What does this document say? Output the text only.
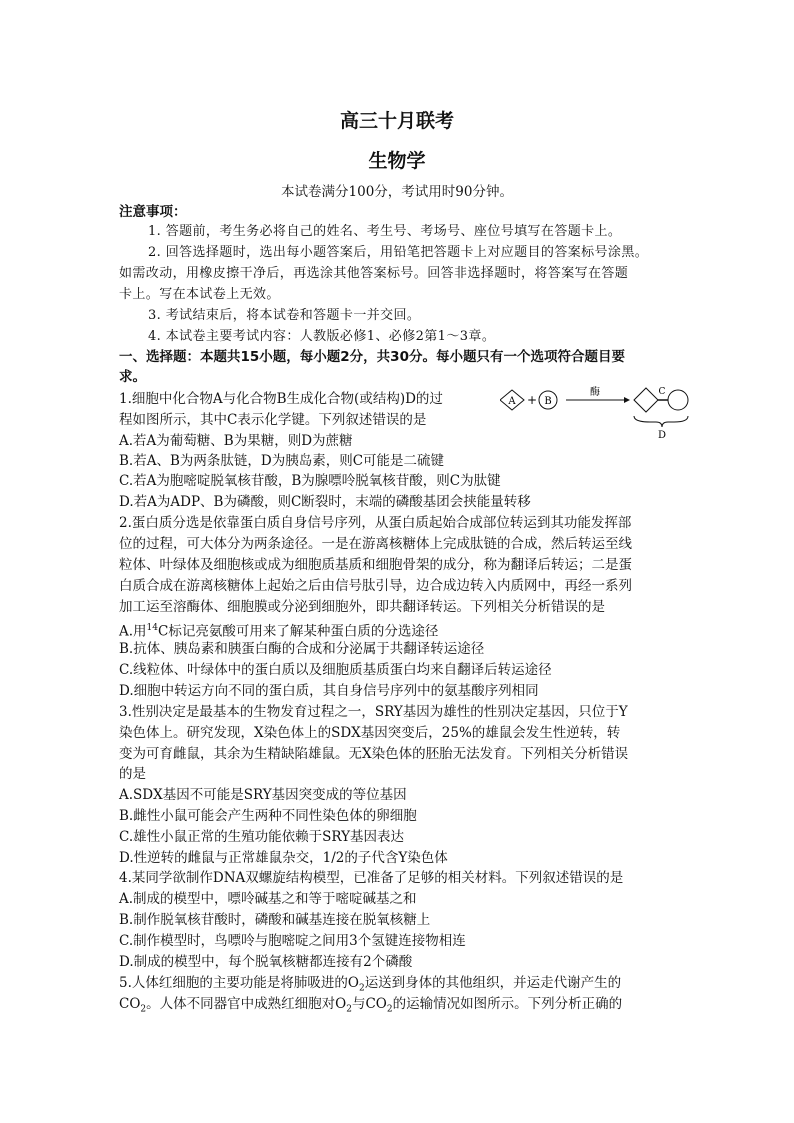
高三十月联考
生物学
本试卷满分100分，考试用时90分钟。
注意事项：
1. 答题前，考生务必将自己的姓名、考生号、考场号、座位号填写在答题卡上。
2. 回答选择题时，选出每小题答案后，用铅笔把答题卡上对应题目的答案标号涂黑。
如需改动，用橡皮擦干净后，再选涂其他答案标号。回答非选择题时，将答案写在答题
卡上。写在本试卷上无效。
3. 考试结束后，将本试卷和答题卡一并交回。
4. 本试卷主要考试内容：人教版必修1、必修2第1～3章。
一、选择题：本题共15小题，每小题2分，共30分。每小题只有一个选项符合题目要
求。
1.细胞中化合物A与化合物B生成化合物(或结构)D的过
程如图所示，其中C表示化学键。下列叙述错误的是
A + B
酶	C
D
A.若A为葡萄糖、B为果糖，则D为蔗糖
B.若A、B为两条肽链，D为胰岛素，则C可能是二硫键
C.若A为胞嘧啶脱氧核苷酸，B为腺嘌呤脱氧核苷酸，则C为肽键
D.若A为ADP、B为磷酸，则C断裂时，末端的磷酸基团会挟能量转移
2.蛋白质分选是依靠蛋白质自身信号序列，从蛋白质起始合成部位转运到其功能发挥部
位的过程，可大体分为两条途径。一是在游离核糖体上完成肽链的合成，然后转运至线
粒体、叶绿体及细胞核或成为细胞质基质和细胞骨架的成分，称为翻译后转运；二是蛋
白质合成在游离核糖体上起始之后由信号肽引导，边合成边转入内质网中，再经一系列
加工运至溶酶体、细胞膜或分泌到细胞外，即共翻译转运。下列相关分析错误的是
A.用$^{14}$C标记亮氨酸可用来了解某种蛋白质的分选途径
B.抗体、胰岛素和胰蛋白酶的合成和分泌属于共翻译转运途径
C.线粒体、叶绿体中的蛋白质以及细胞质基质蛋白均来自翻译后转运途径
D.细胞中转运方向不同的蛋白质，其自身信号序列中的氨基酸序列相同
3.性别决定是最基本的生物发育过程之一，SRY基因为雄性的性别决定基因，只位于Y
染色体上。研究发现，X染色体上的SDX基因突变后，25%的雄鼠会发生性逆转，转
变为可育雌鼠，其余为生精缺陷雄鼠。无X染色体的胚胎无法发育。下列相关分析错误
的是
A.SDX基因不可能是SRY基因突变成的等位基因
B.雌性小鼠可能会产生两种不同性染色体的卵细胞
C.雄性小鼠正常的生殖功能依赖于SRY基因表达
D.性逆转的雌鼠与正常雄鼠杂交，1/2的子代含Y染色体
4.某同学欲制作DNA双螺旋结构模型，已准备了足够的相关材料。下列叙述错误的是
A.制成的模型中，嘌呤碱基之和等于嘧啶碱基之和
B.制作脱氧核苷酸时，磷酸和碱基连接在脱氧核糖上
C.制作模型时，鸟嘌呤与胞嘧啶之间用3个氢键连接物相连
D.制成的模型中，每个脱氧核糖都连接有2个磷酸
5.人体红细胞的主要功能是将肺吸进的$O_2$运送到身体的其他组织，并运走代谢产生的
$CO_2$。人体不同器官中成熟红细胞对$O_2$与$CO_2$的运输情况如图所示。下列分析正确的
